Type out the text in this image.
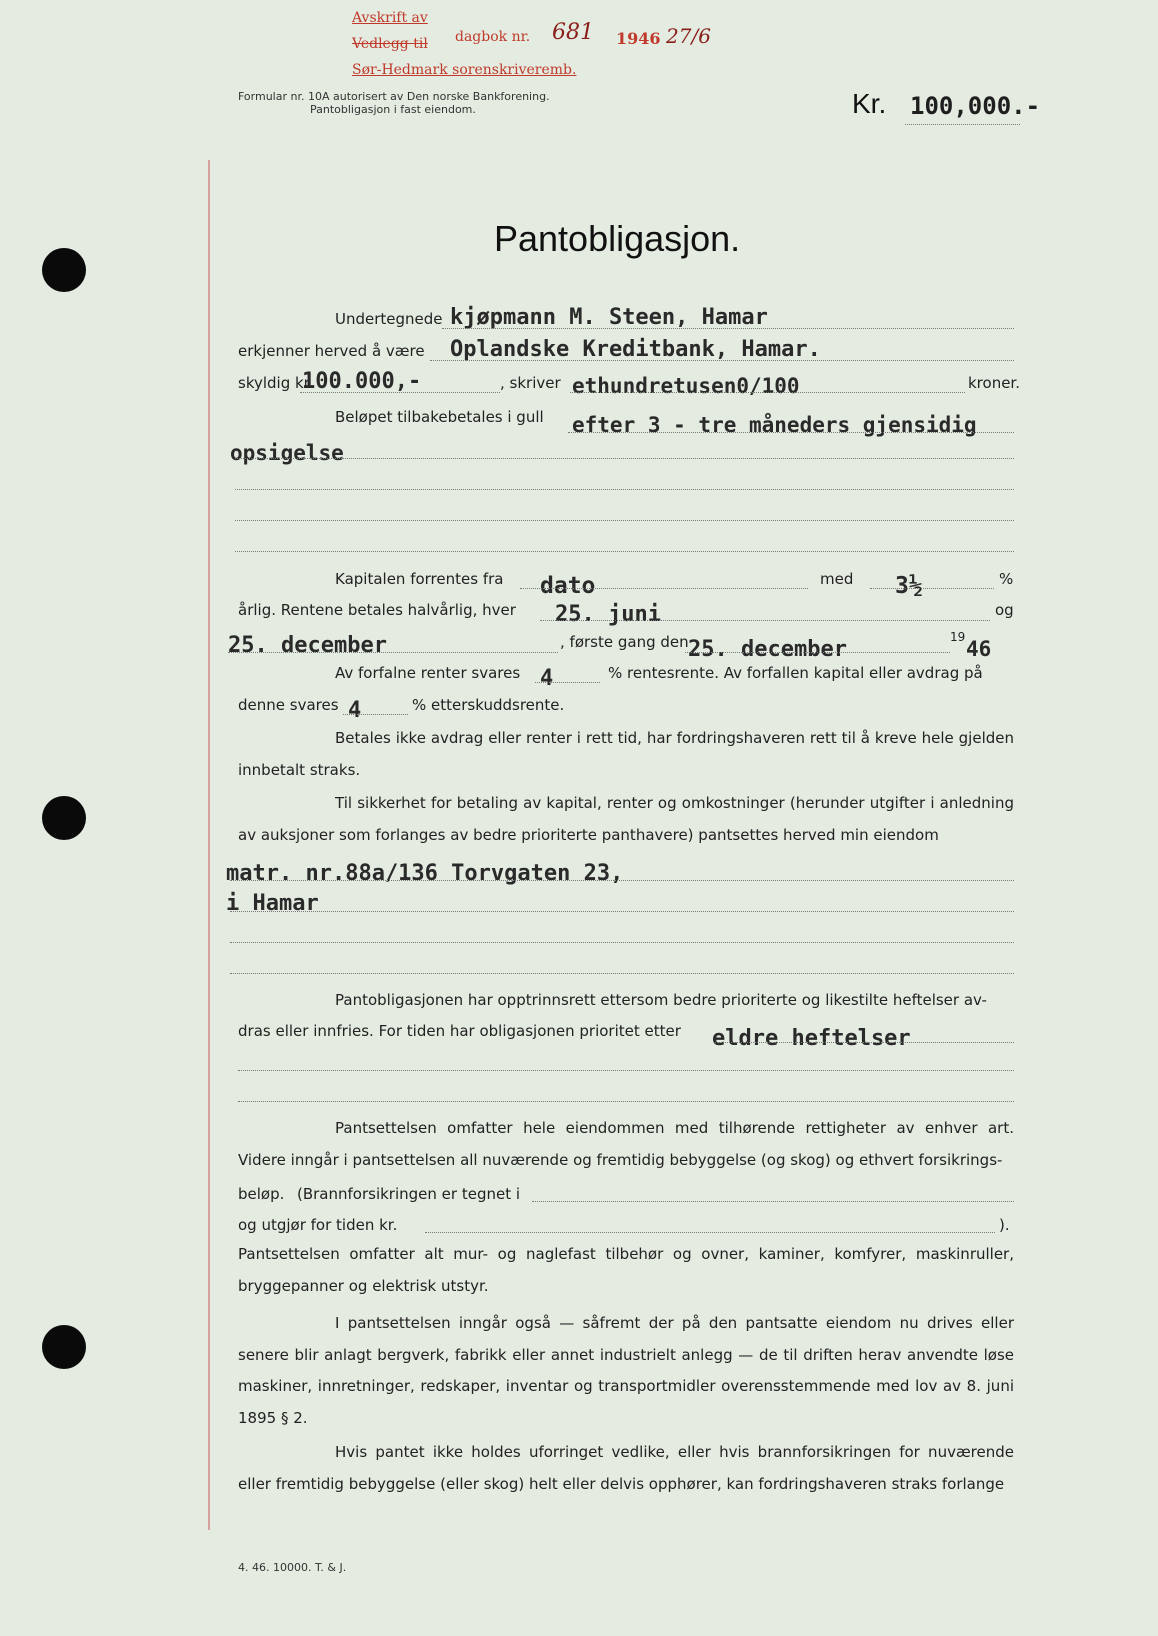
Avskrift av
Vedlegg til
Sør-Hedmark sorenskriveremb.
dagbok nr. 681 1946 27/6
Formular nr. 10A autorisert av Den norske Bankforening.
Pantobligasjon i fast eiendom.	Kr. 100,000.-
Pantobligasjon.
Undertegnede kjøpmann M. Steen, Hamar
erkjenner herved å være Oplandske Kreditbank, Hamar.
skyldig kr.
100.000,-	, skriver ethundretusen0/100	kroner.
Beløpet tilbakebetales i gull efter 3 - tre måneders gjensidig
opsigelse
Kapitalen forrentes fra dato	med 3½	%
årlig. Rentene betales halvårlig, hver 25. juni	og
25. december	, første gang den 25. december	19 46
Av forfalne renter svares 4	% rentesrente. Av forfallen kapital eller avdrag på
denne svares 4	% etterskuddsrente.

Betales ikke avdrag eller renter i rett tid, har fordringshaveren rett til å kreve hele gjelden innbetalt straks.

Til sikkerhet for betaling av kapital, renter og omkostninger (herunder utgifter i anledning av auksjoner som forlanges av bedre prioriterte panthavere) pantsettes herved min eiendom

matr. nr.88a/136 Torvgaten 23,
i Hamar
Pantobligasjonen har opptrinnsrett ettersom bedre prioriterte og likestilte heftelser av-
dras eller innfries. For tiden har obligasjonen prioritet etter eldre heftelser

Pantsettelsen omfatter hele eiendommen med tilhørende rettigheter av enhver art. Videre inngår i pantsettelsen all nuværende og fremtidig bebyggelse (og skog) og ethvert forsikrings-

beløp. (Brannforsikringen er tegnet i
og utgjør for tiden kr.	).

Pantsettelsen omfatter alt mur- og naglefast tilbehør og ovner, kaminer, komfyrer, maskinruller, bryggepanner og elektrisk utstyr.

I pantsettelsen inngår også — såfremt der på den pantsatte eiendom nu drives eller senere blir anlagt bergverk, fabrikk eller annet industrielt anlegg — de til driften herav anvendte løse maskiner, innretninger, redskaper, inventar og transportmidler overensstemmende med lov av 8. juni 1895 § 2.

Hvis pantet ikke holdes uforringet vedlike, eller hvis brannforsikringen for nuværende eller fremtidig bebyggelse (eller skog) helt eller delvis opphører, kan fordringshaveren straks forlange

4. 46. 10000. T. & J.
